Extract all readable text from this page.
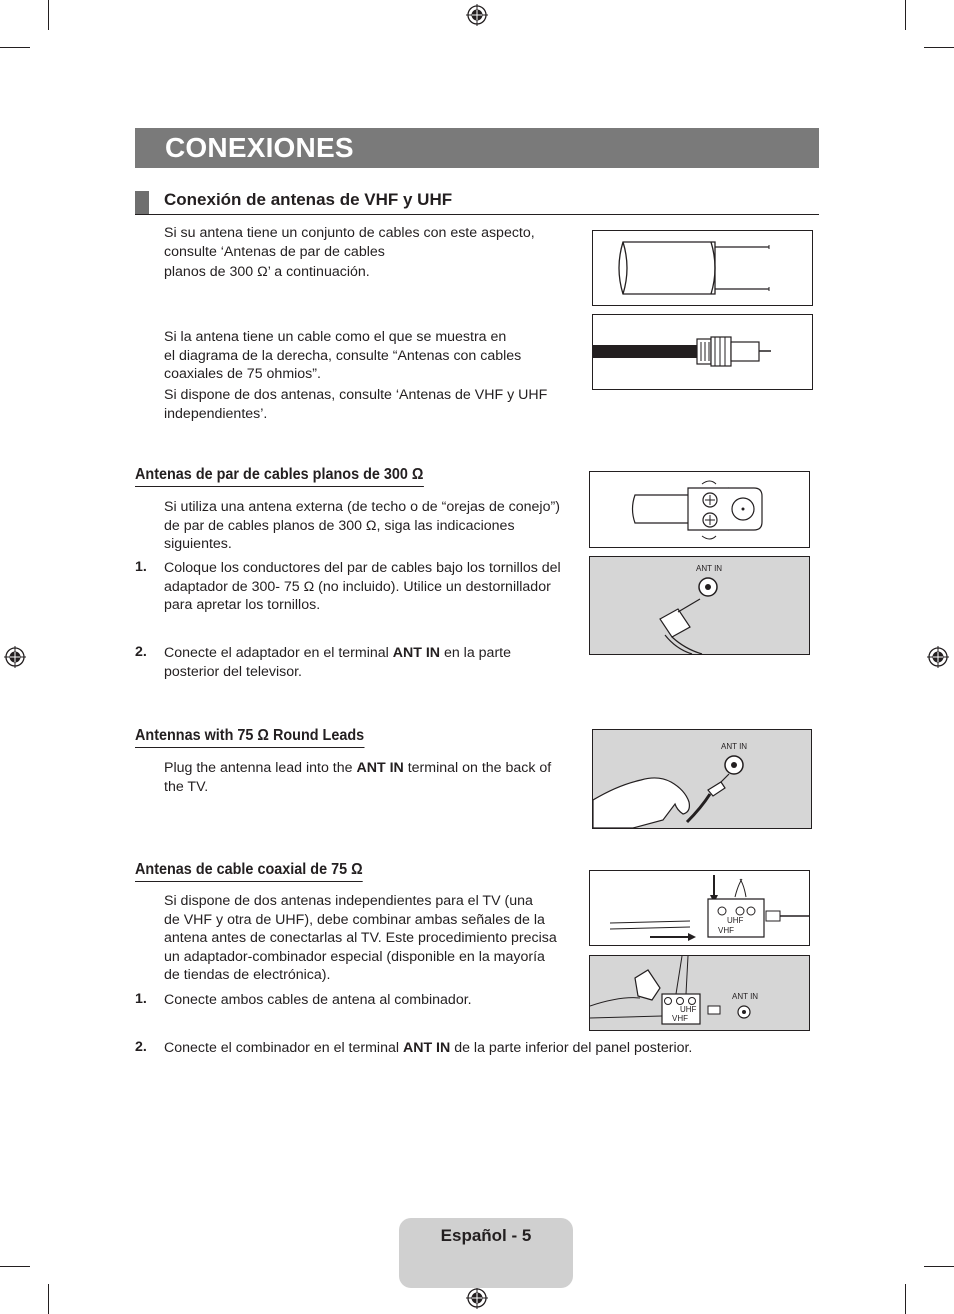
CONEXIONES
Conexión de antenas de VHF y UHF
Si su antena tiene un conjunto de cables con este aspecto,
consulte ‘Antenas de par de cables
planos de 300 Ω’ a continuación.
Si la antena tiene un cable como el que se muestra en
el diagrama de la derecha, consulte “Antenas con cables
coaxiales de 75 ohmios”.
Si dispone de dos antenas, consulte ‘Antenas de VHF y UHF
independientes’.
Antenas de par de cables planos de 300 Ω
Si utiliza una antena externa (de techo o de “orejas de conejo”)
de par de cables planos de 300 Ω, siga las indicaciones
siguientes.
1. Coloque los conductores del par de cables bajo los tornillos del
adaptador de 300- 75 Ω (no incluido). Utilice un destornillador
para apretar los tornillos.
2. Conecte el adaptador en el terminal ANT IN en la parte
posterior del televisor.
ANT IN
Antennas with 75 Ω Round Leads
Plug the antenna lead into the ANT IN terminal on the back of
the TV.
ANT IN
Antenas de cable coaxial de 75 Ω
Si dispone de dos antenas independientes para el TV (una
de VHF y otra de UHF), debe combinar ambas señales de la
antena antes de conectarlas al TV. Este procedimiento precisa
un adaptador-combinador especial (disponible en la mayoría
de tiendas de electrónica).
1. Conecte ambos cables de antena al combinador.
2. Conecte el combinador en el terminal ANT IN de la parte inferior del panel posterior.
UHF
VHF
UHF
VHF
ANT IN
Español - 5
